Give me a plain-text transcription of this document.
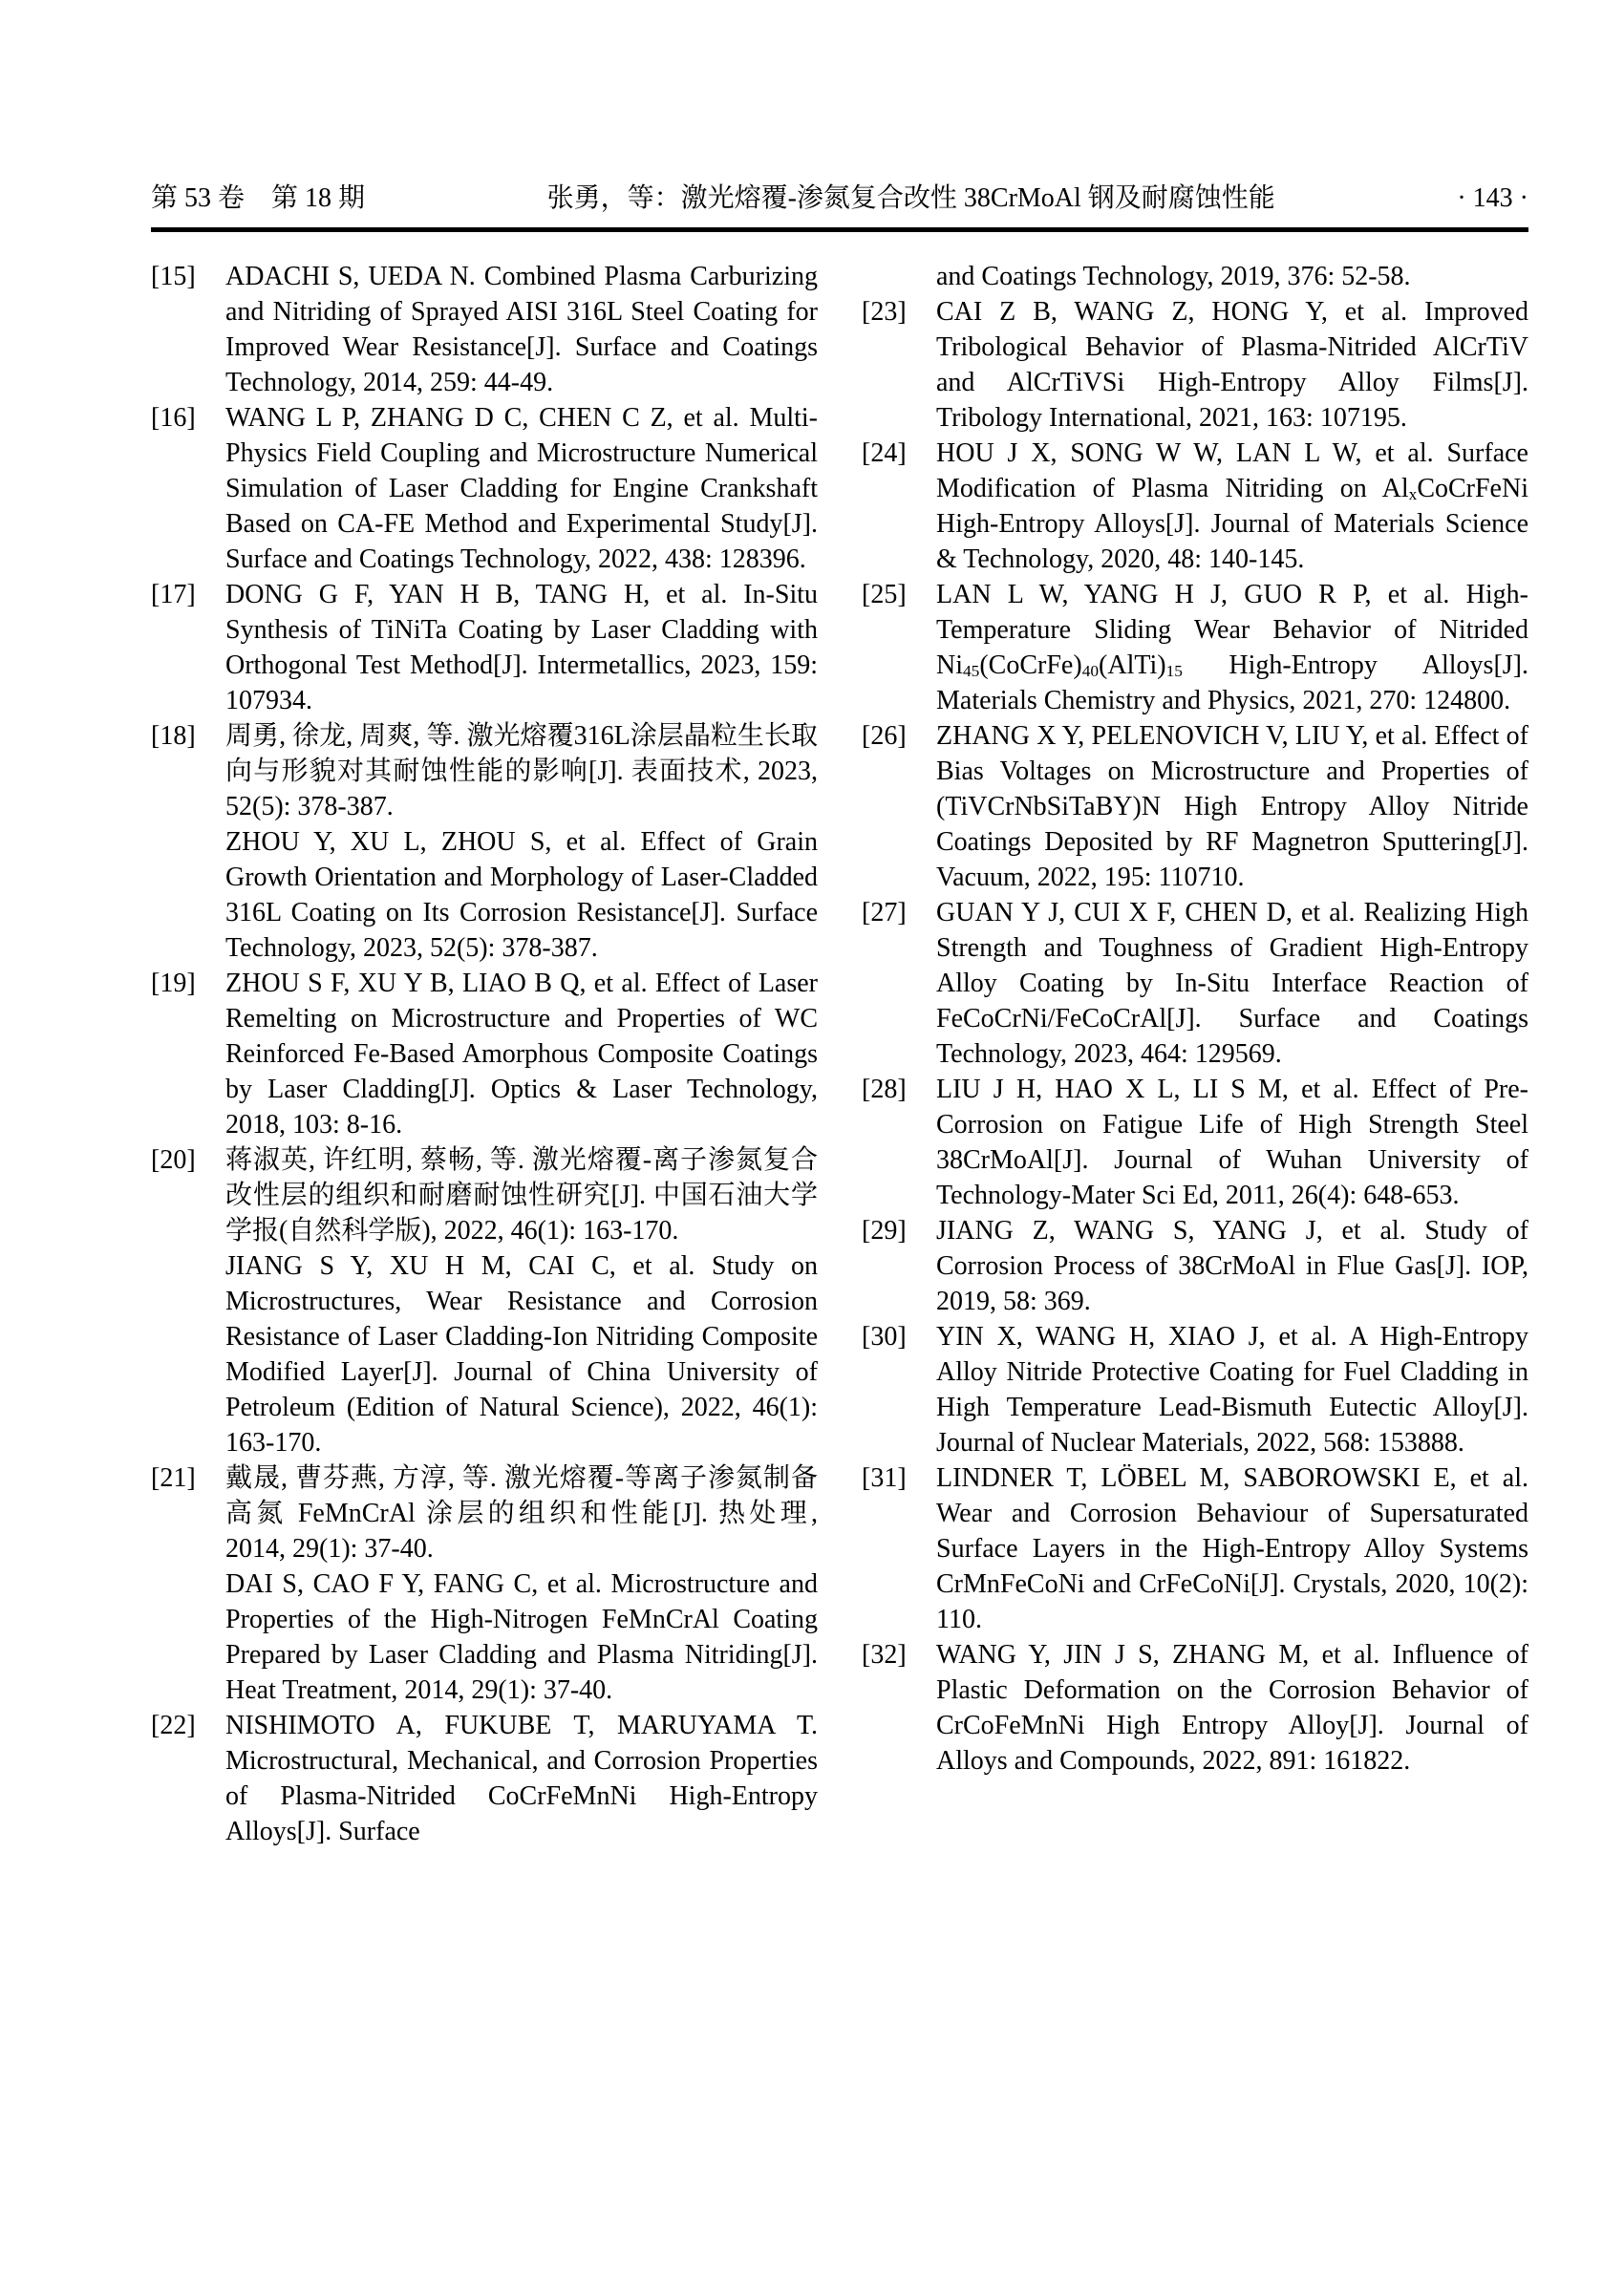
第 53 卷　第 18 期	张勇，等：激光熔覆-渗氮复合改性 38CrMoAl 钢及耐腐蚀性能	· 143 ·
[15]	ADACHI S, UEDA N. Combined Plasma Carburizing and Nitriding of Sprayed AISI 316L Steel Coating for Improved Wear Resistance[J]. Surface and Coatings Technology, 2014, 259: 44-49.

[16]	WANG L P, ZHANG D C, CHEN C Z, et al. Multi-Physics Field Coupling and Microstructure Numerical Simulation of Laser Cladding for Engine Crankshaft Based on CA-FE Method and Experimental Study[J]. Surface and Coatings Technology, 2022, 438: 128396.

[17]	DONG G F, YAN H B, TANG H, et al. In-Situ Synthesis of TiNiTa Coating by Laser Cladding with Orthogonal Test Method[J]. Intermetallics, 2023, 159: 107934.

[18]	周勇, 徐龙, 周爽, 等. 激光熔覆316L涂层晶粒生长取向与形貌对其耐蚀性能的影响[J]. 表面技术, 2023, 52(5): 378-387.

ZHOU Y, XU L, ZHOU S, et al. Effect of Grain Growth Orientation and Morphology of Laser-Cladded 316L Coating on Its Corrosion Resistance[J]. Surface Technology, 2023, 52(5): 378-387.

[19]	ZHOU S F, XU Y B, LIAO B Q, et al. Effect of Laser Remelting on Microstructure and Properties of WC Reinforced Fe-Based Amorphous Composite Coatings by Laser Cladding[J]. Optics & Laser Technology, 2018, 103: 8-16.

[20]	蒋淑英, 许红明, 蔡畅, 等. 激光熔覆-离子渗氮复合改性层的组织和耐磨耐蚀性研究[J]. 中国石油大学学报(自然科学版), 2022, 46(1): 163-170.

JIANG S Y, XU H M, CAI C, et al. Study on Microstructures, Wear Resistance and Corrosion Resistance of Laser Cladding-Ion Nitriding Composite Modified Layer[J]. Journal of China University of Petroleum (Edition of Natural Science), 2022, 46(1): 163-170.

[21]	戴晟, 曹芬燕, 方淳, 等. 激光熔覆-等离子渗氮制备高氮 FeMnCrAl 涂层的组织和性能[J]. 热处理, 2014, 29(1): 37-40.

DAI S, CAO F Y, FANG C, et al. Microstructure and Properties of the High-Nitrogen FeMnCrAl Coating Prepared by Laser Cladding and Plasma Nitriding[J]. Heat Treatment, 2014, 29(1): 37-40.

[22]	NISHIMOTO A, FUKUBE T, MARUYAMA T. Microstructural, Mechanical, and Corrosion Properties of Plasma-Nitrided CoCrFeMnNi High-Entropy Alloys[J]. Surface

and Coatings Technology, 2019, 376: 52-58.

[23]	CAI Z B, WANG Z, HONG Y, et al. Improved Tribological Behavior of Plasma-Nitrided AlCrTiV and AlCrTiVSi High-Entropy Alloy Films[J]. Tribology International, 2021, 163: 107195.

[24]	HOU J X, SONG W W, LAN L W, et al. Surface Modification of Plasma Nitriding on $Al_xCoCrFeNi$ High-Entropy Alloys[J]. Journal of Materials Science & Technology, 2020, 48: 140-145.

[25]	LAN L W, YANG H J, GUO R P, et al. High-Temperature Sliding Wear Behavior of Nitrided $Ni_{45}(CoCrFe)_{40}(AlTi)_{15}$ High-Entropy Alloys[J]. Materials Chemistry and Physics, 2021, 270: 124800.

[26]	ZHANG X Y, PELENOVICH V, LIU Y, et al. Effect of Bias Voltages on Microstructure and Properties of (TiVCrNbSiTaBY)N High Entropy Alloy Nitride Coatings Deposited by RF Magnetron Sputtering[J]. Vacuum, 2022, 195: 110710.

[27]	GUAN Y J, CUI X F, CHEN D, et al. Realizing High Strength and Toughness of Gradient High-Entropy Alloy Coating by In-Situ Interface Reaction of FeCoCrNi/FeCoCrAl[J]. Surface and Coatings Technology, 2023, 464: 129569.

[28]	LIU J H, HAO X L, LI S M, et al. Effect of Pre-Corrosion on Fatigue Life of High Strength Steel 38CrMoAl[J]. Journal of Wuhan University of Technology-Mater Sci Ed, 2011, 26(4): 648-653.

[29]	JIANG Z, WANG S, YANG J, et al. Study of Corrosion Process of 38CrMoAl in Flue Gas[J]. IOP, 2019, 58: 369.

[30]	YIN X, WANG H, XIAO J, et al. A High-Entropy Alloy Nitride Protective Coating for Fuel Cladding in High Temperature Lead-Bismuth Eutectic Alloy[J]. Journal of Nuclear Materials, 2022, 568: 153888.

[31]	LINDNER T, LÖBEL M, SABOROWSKI E, et al. Wear and Corrosion Behaviour of Supersaturated Surface Layers in the High-Entropy Alloy Systems CrMnFeCoNi and CrFeCoNi[J]. Crystals, 2020, 10(2): 110.

[32]	WANG Y, JIN J S, ZHANG M, et al. Influence of Plastic Deformation on the Corrosion Behavior of CrCoFeMnNi High Entropy Alloy[J]. Journal of Alloys and Compounds, 2022, 891: 161822.
